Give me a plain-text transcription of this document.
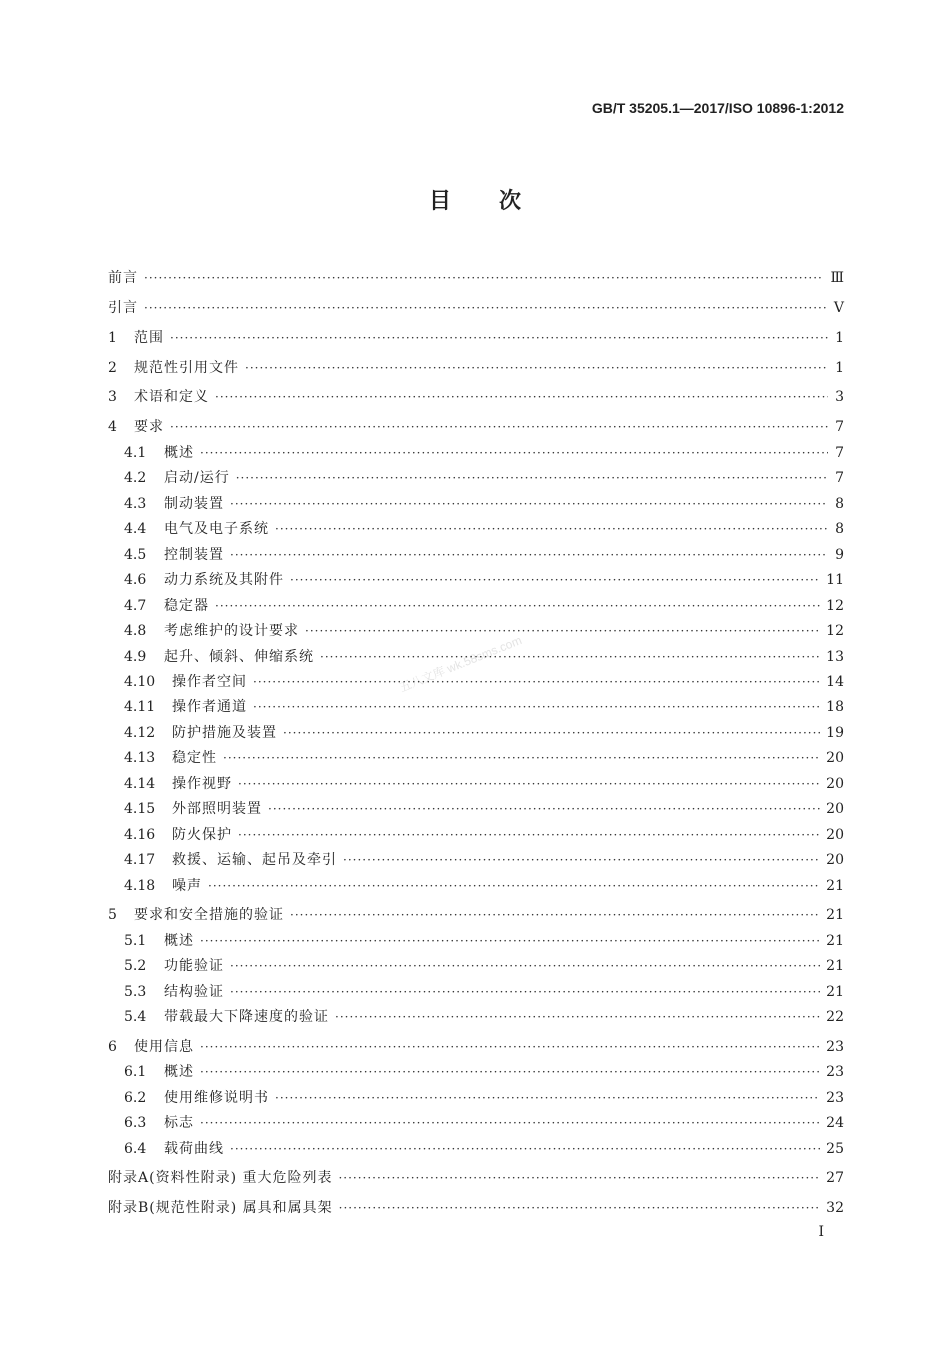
GB/T 35205.1—2017/ISO 10896-1:2012
目次
五八文库 wk.58sms.com
前言 ·····	Ⅲ
引言 ·····	Ⅴ
1	范围 ·····	1
2	规范性引用文件 ·····	1
3	术语和定义 ·····	3
4	要求 ·····	7
4.1	概述 ·····	7
4.2	启动/运行 ·····	7
4.3	制动装置 ·····	8
4.4	电气及电子系统 ·····	8
4.5	控制装置 ·····	9
4.6	动力系统及其附件 ·····	11
4.7	稳定器 ·····	12
4.8	考虑维护的设计要求 ·····	12
4.9	起升、倾斜、伸缩系统 ·····	13
4.10	操作者空间 ·····	14
4.11	操作者通道 ·····	18
4.12	防护措施及装置 ·····	19
4.13	稳定性 ·····	20
4.14	操作视野 ·····	20
4.15	外部照明装置 ·····	20
4.16	防火保护 ·····	20
4.17	救援、运输、起吊及牵引 ·····	20
4.18	噪声 ·····	21
5	要求和安全措施的验证 ·····	21
5.1	概述 ·····	21
5.2	功能验证 ·····	21
5.3	结构验证 ·····	21
5.4	带载最大下降速度的验证 ·····	22
6	使用信息 ·····	23
6.1	概述 ·····	23
6.2	使用维修说明书 ·····	23
6.3	标志 ·····	24
6.4	载荷曲线 ·····	25
附录A(资料性附录) 重大危险列表 ·····	27
附录B(规范性附录) 属具和属具架 ·····	32
I
